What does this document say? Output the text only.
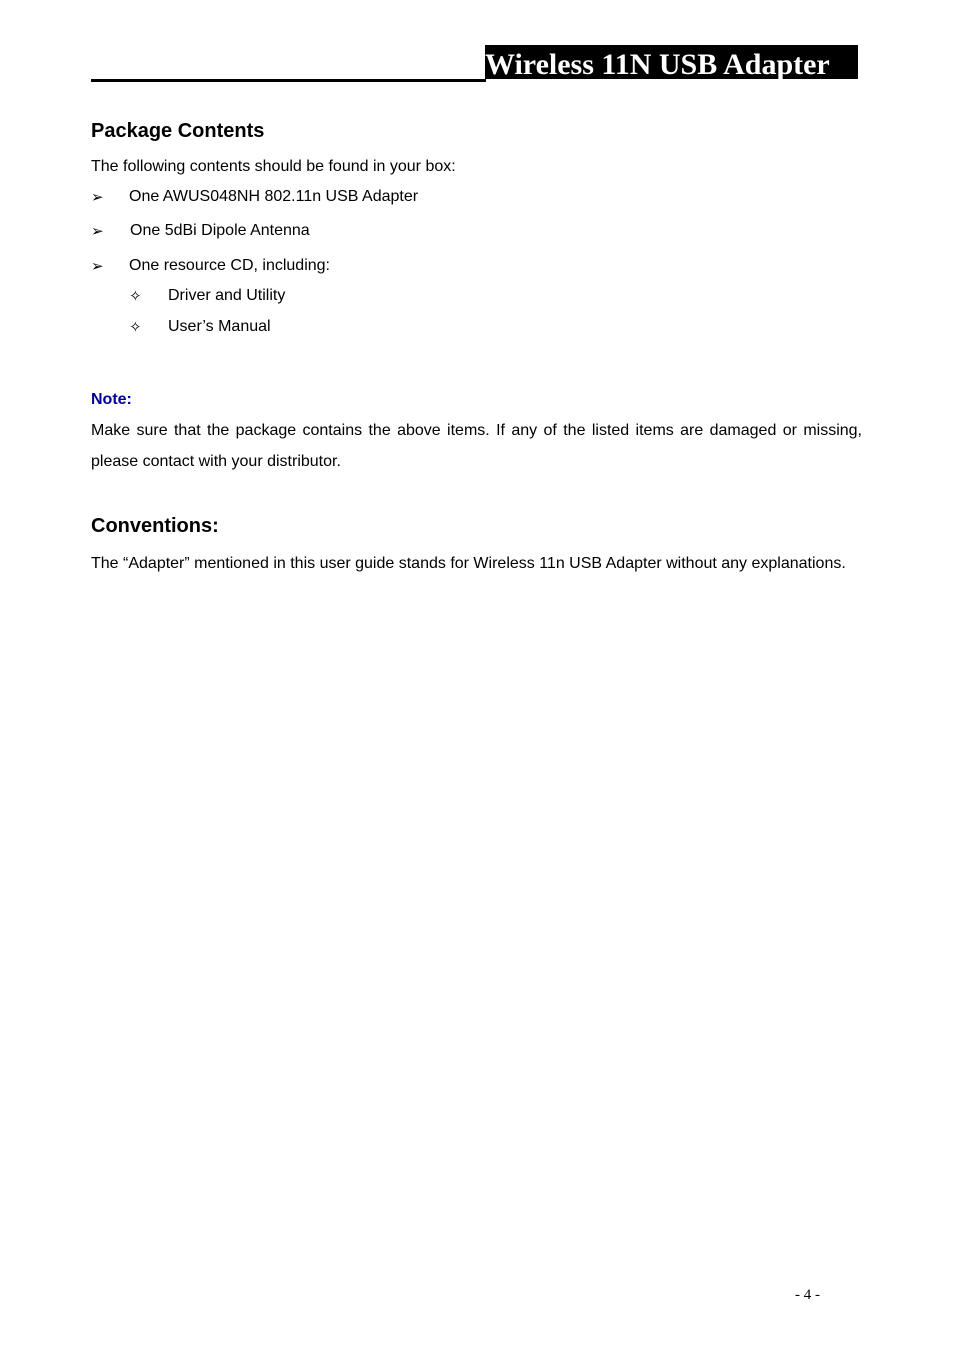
Wireless 11N USB Adapter
Package Contents

The following contents should be found in your box:

➢ One AWUS048NH 802.11n USB Adapter
➢ One 5dBi Dipole Antenna
➢ One resource CD, including:
✧ Driver and Utility
✧ User’s Manual

Note:

Make sure that the package contains the above items. If any of the listed items are damaged or missing, please contact with your distributor.

Conventions:

The “Adapter” mentioned in this user guide stands for Wireless 11n USB Adapter without any explanations.

- 4 -
